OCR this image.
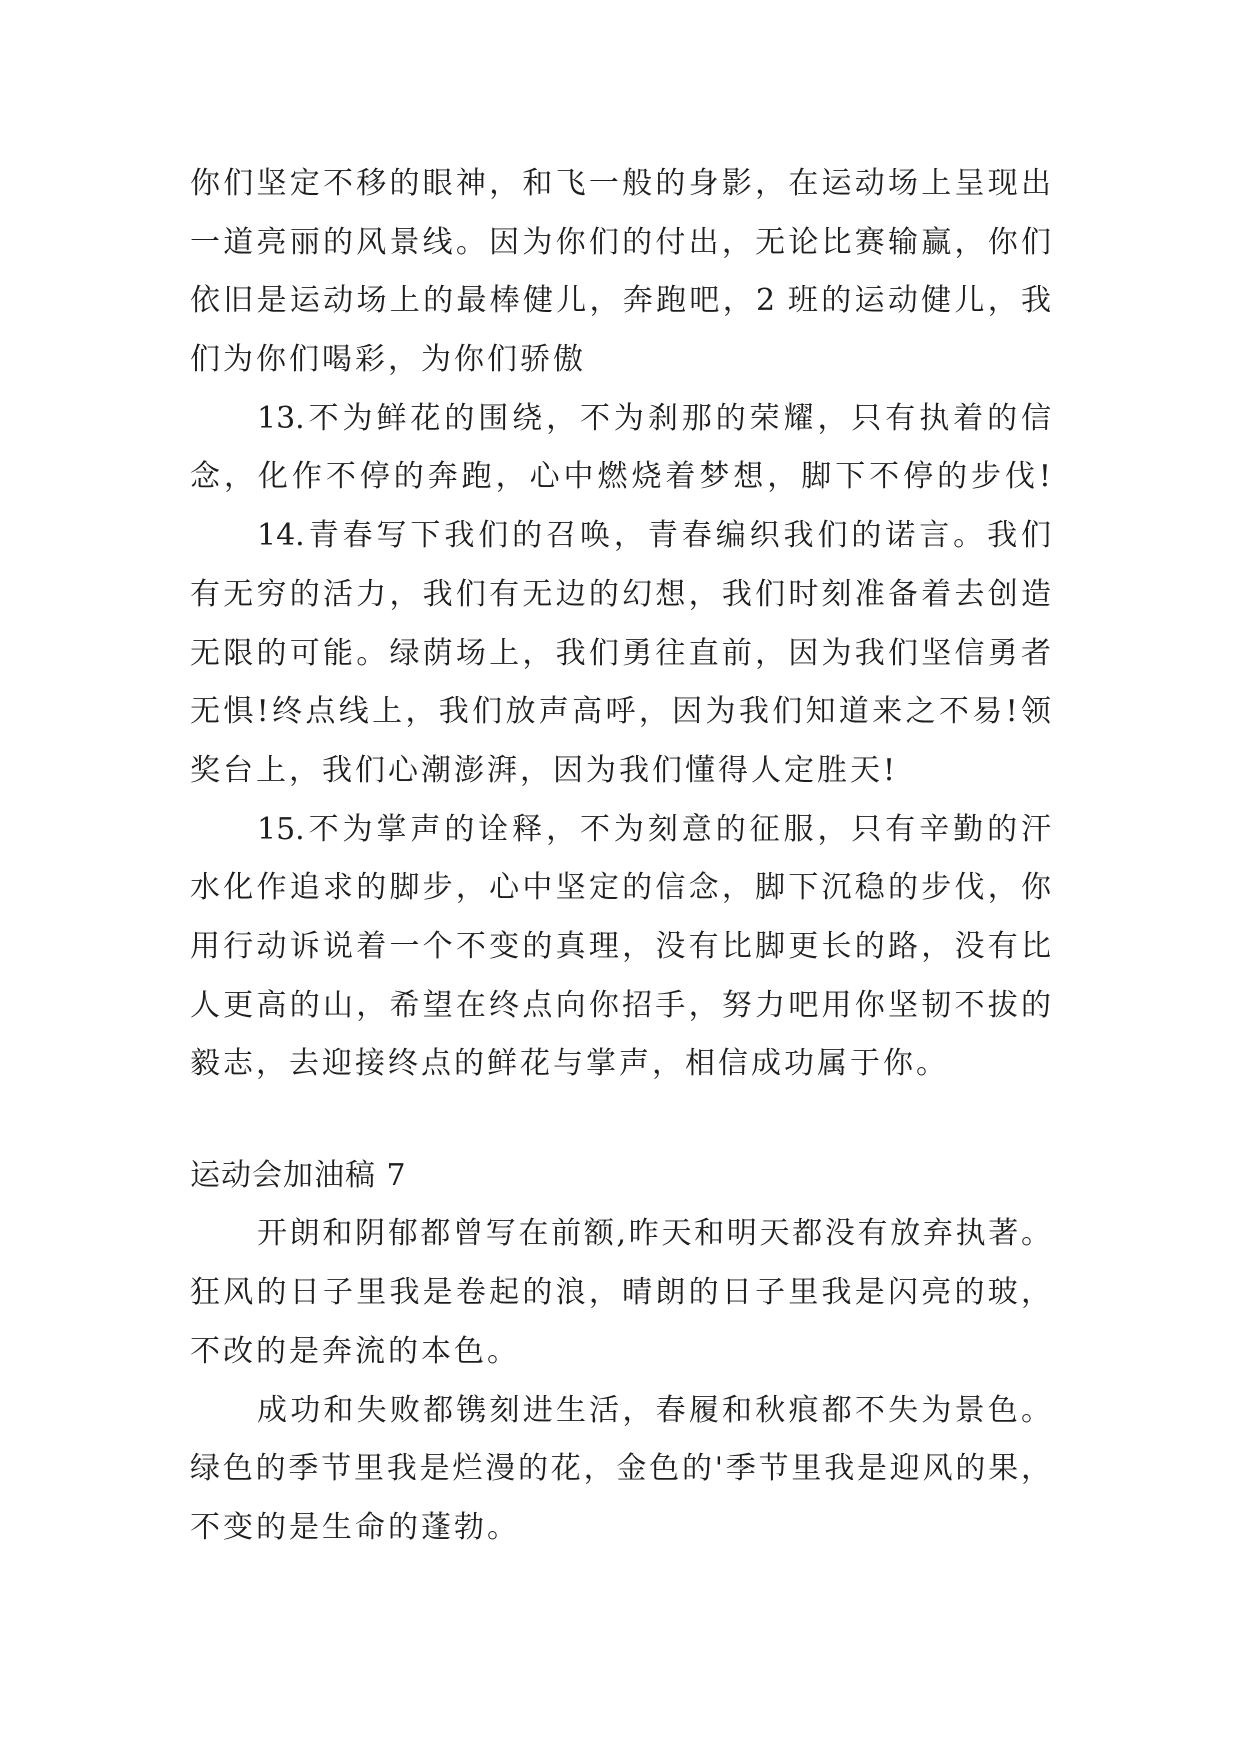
你们坚定不移的眼神，和飞一般的身影，在运动场上呈现出
一道亮丽的风景线。因为你们的付出，无论比赛输赢，你们
依旧是运动场上的最棒健儿，奔跑吧，2 班的运动健儿，我
们为你们喝彩，为你们骄傲
13.不为鲜花的围绕，不为刹那的荣耀，只有执着的信
念，化作不停的奔跑，心中燃烧着梦想，脚下不停的步伐!
14.青春写下我们的召唤，青春编织我们的诺言。我们
有无穷的活力，我们有无边的幻想，我们时刻准备着去创造
无限的可能。绿荫场上，我们勇往直前，因为我们坚信勇者
无惧!终点线上，我们放声高呼，因为我们知道来之不易!领
奖台上，我们心潮澎湃，因为我们懂得人定胜天!
15.不为掌声的诠释，不为刻意的征服，只有辛勤的汗
水化作追求的脚步，心中坚定的信念，脚下沉稳的步伐，你
用行动诉说着一个不变的真理，没有比脚更长的路，没有比
人更高的山，希望在终点向你招手，努力吧用你坚韧不拔的
毅志，去迎接终点的鲜花与掌声，相信成功属于你。
运动会加油稿 7
开朗和阴郁都曾写在前额,昨天和明天都没有放弃执著。
狂风的日子里我是卷起的浪，晴朗的日子里我是闪亮的玻，
不改的是奔流的本色。
成功和失败都镌刻进生活，春履和秋痕都不失为景色。
绿色的季节里我是烂漫的花，金色的'季节里我是迎风的果，
不变的是生命的蓬勃。
